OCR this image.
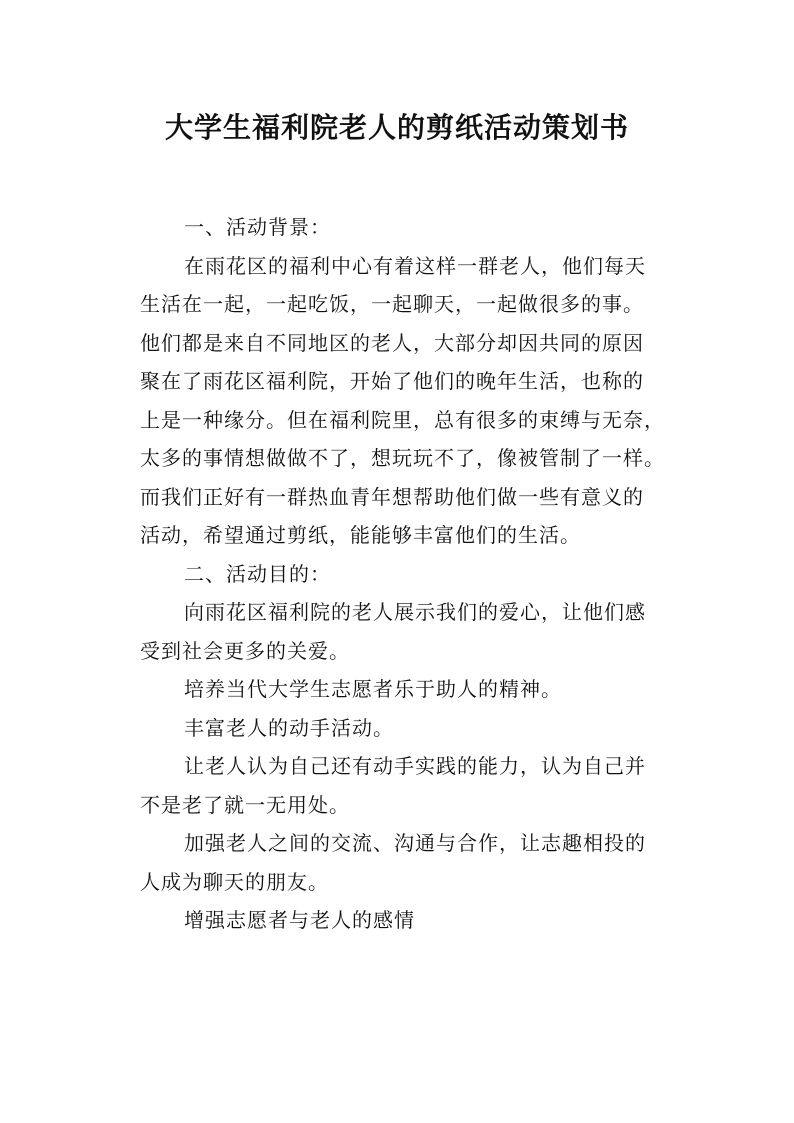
大学生福利院老人的剪纸活动策划书
一、活动背景：
在雨花区的福利中心有着这样一群老人，他们每天
生活在一起，一起吃饭，一起聊天，一起做很多的事。
他们都是来自不同地区的老人，大部分却因共同的原因
聚在了雨花区福利院，开始了他们的晚年生活，也称的
上是一种缘分。但在福利院里，总有很多的束缚与无奈，
太多的事情想做做不了，想玩玩不了，像被管制了一样。
而我们正好有一群热血青年想帮助他们做一些有意义的
活动，希望通过剪纸，能能够丰富他们的生活。
二、活动目的：
向雨花区福利院的老人展示我们的爱心，让他们感
受到社会更多的关爱。
培养当代大学生志愿者乐于助人的精神。
丰富老人的动手活动。
让老人认为自己还有动手实践的能力，认为自己并
不是老了就一无用处。
加强老人之间的交流、沟通与合作，让志趣相投的
人成为聊天的朋友。
增强志愿者与老人的感情
